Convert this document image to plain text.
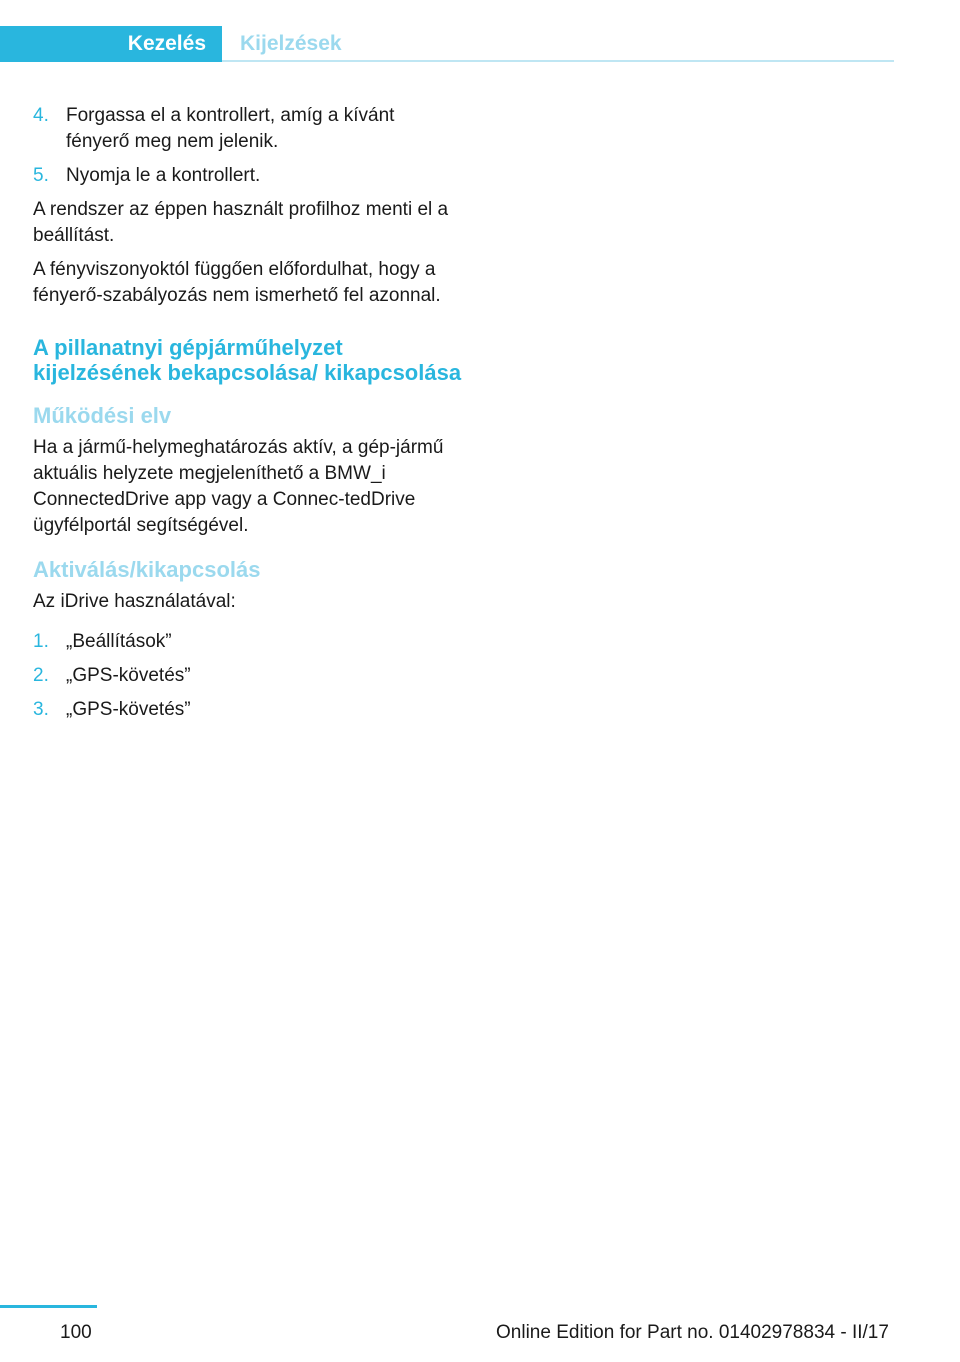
Kezelés	Kijelzések
4. Forgassa el a kontrollert, amíg a kívánt fényerő meg nem jelenik.
5. Nyomja le a kontrollert.

A rendszer az éppen használt profilhoz menti el a beállítást.

A fényviszonyoktól függően előfordulhat, hogy a fényerő-szabályozás nem ismerhető fel azonnal.

A pillanatnyi gépjárműhelyzet kijelzésének bekapcsolása/ kikapcsolása
Működési elv

Ha a jármű-helymeghatározás aktív, a gép‐jármű aktuális helyzete megjeleníthető a BMW_i ConnectedDrive app vagy a Connec‐tedDrive ügyfélportál segítségével.

Aktiválás/kikapcsolás

Az iDrive használatával:

1. „Beállítások”
2. „GPS-követés”
3. „GPS-követés”
100	Online Edition for Part no. 01402978834 - II/17
